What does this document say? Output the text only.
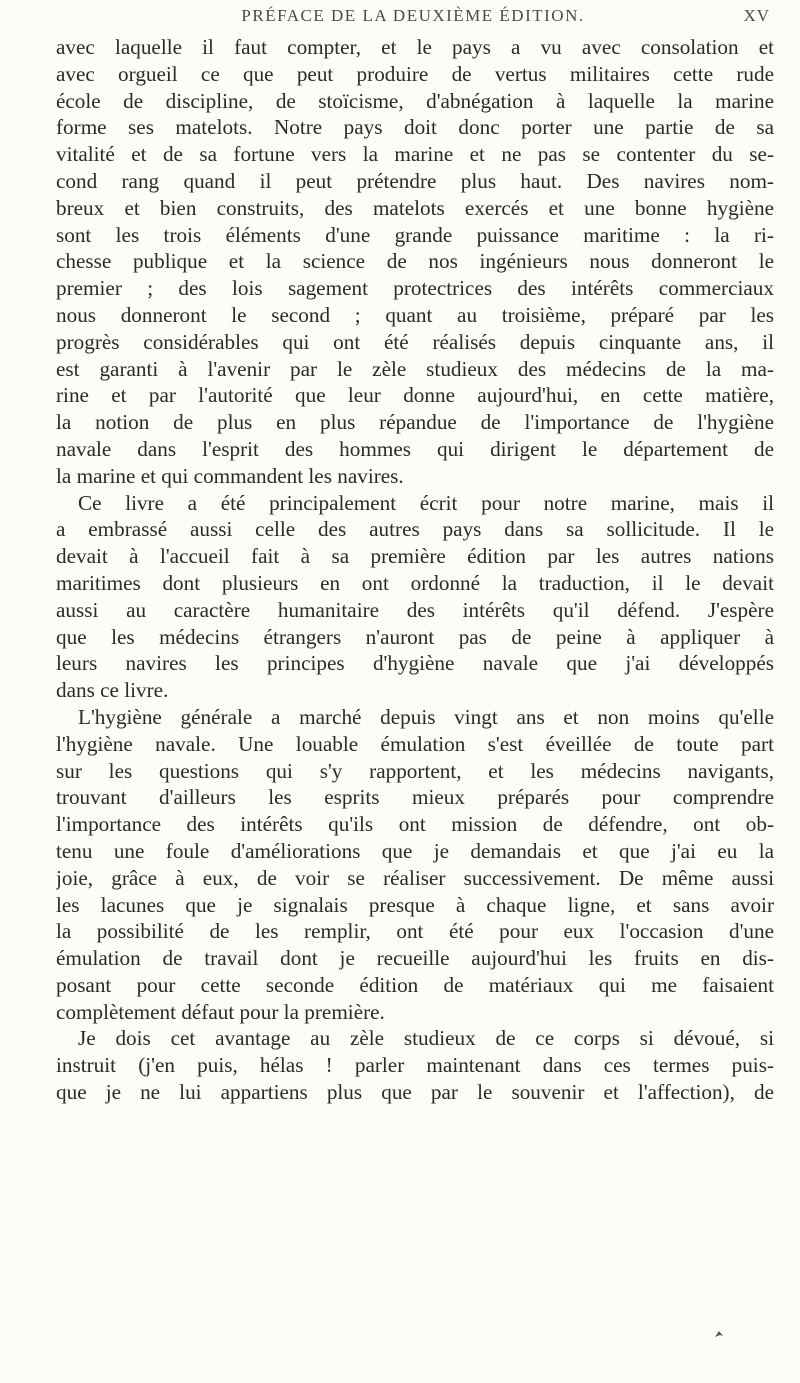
PRÉFACE DE LA DEUXIÈME ÉDITION.	XV
avec laquelle il faut compter, et le pays a vu avec consolation et
avec orgueil ce que peut produire de vertus militaires cette rude
école de discipline, de stoïcisme, d'abnégation à laquelle la marine
forme ses matelots. Notre pays doit donc porter une partie de sa
vitalité et de sa fortune vers la marine et ne pas se contenter du se-
cond rang quand il peut prétendre plus haut. Des navires nom-
breux et bien construits, des matelots exercés et une bonne hygiène
sont les trois éléments d'une grande puissance maritime : la ri-
chesse publique et la science de nos ingénieurs nous donneront le
premier ; des lois sagement protectrices des intérêts commerciaux
nous donneront le second ; quant au troisième, préparé par les
progrès considérables qui ont été réalisés depuis cinquante ans, il
est garanti à l'avenir par le zèle studieux des médecins de la ma-
rine et par l'autorité que leur donne aujourd'hui, en cette matière,
la notion de plus en plus répandue de l'importance de l'hygiène
navale dans l'esprit des hommes qui dirigent le département de
la marine et qui commandent les navires.
Ce livre a été principalement écrit pour notre marine, mais il
a embrassé aussi celle des autres pays dans sa sollicitude. Il le
devait à l'accueil fait à sa première édition par les autres nations
maritimes dont plusieurs en ont ordonné la traduction, il le devait
aussi au caractère humanitaire des intérêts qu'il défend. J'espère
que les médecins étrangers n'auront pas de peine à appliquer à
leurs navires les principes d'hygiène navale que j'ai développés
dans ce livre.
L'hygiène générale a marché depuis vingt ans et non moins qu'elle
l'hygiène navale. Une louable émulation s'est éveillée de toute part
sur les questions qui s'y rapportent, et les médecins navigants,
trouvant d'ailleurs les esprits mieux préparés pour comprendre
l'importance des intérêts qu'ils ont mission de défendre, ont ob-
tenu une foule d'améliorations que je demandais et que j'ai eu la
joie, grâce à eux, de voir se réaliser successivement. De même aussi
les lacunes que je signalais presque à chaque ligne, et sans avoir
la possibilité de les remplir, ont été pour eux l'occasion d'une
émulation de travail dont je recueille aujourd'hui les fruits en dis-
posant pour cette seconde édition de matériaux qui me faisaient
complètement défaut pour la première.
Je dois cet avantage au zèle studieux de ce corps si dévoué, si
instruit (j'en puis, hélas ! parler maintenant dans ces termes puis-
que je ne lui appartiens plus que par le souvenir et l'affection), de
